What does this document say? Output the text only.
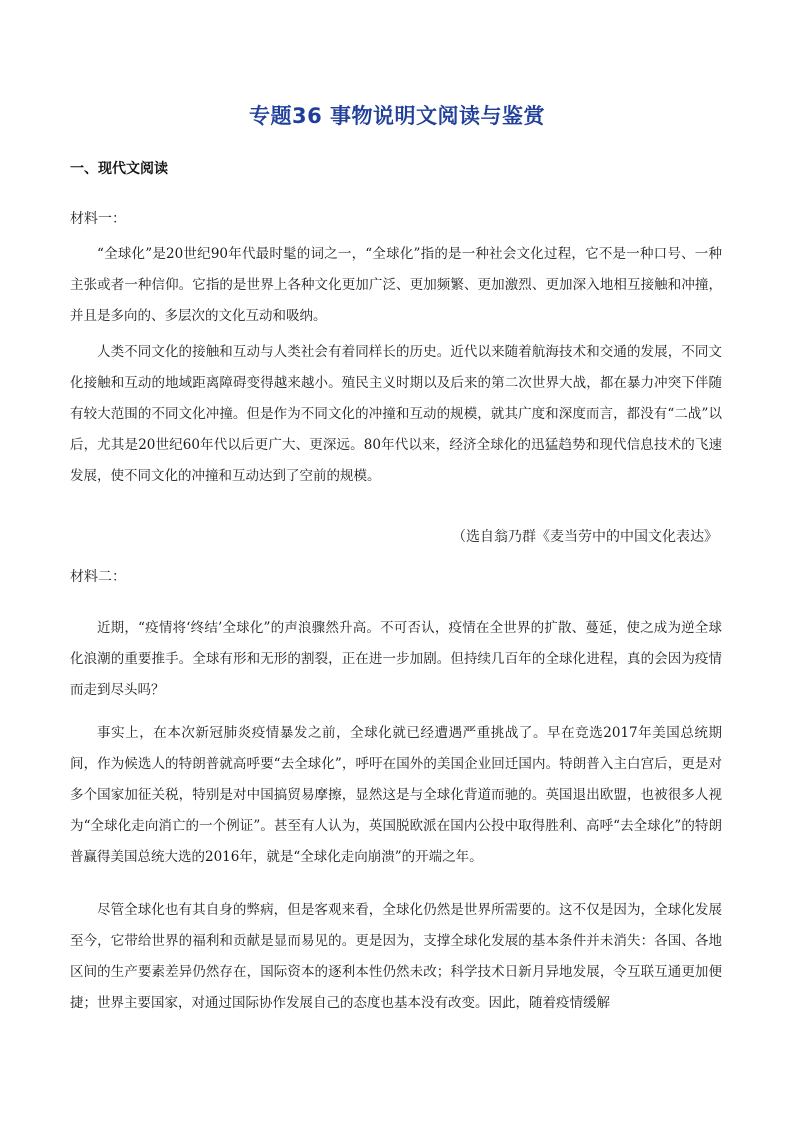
专题36 事物说明文阅读与鉴赏
一、现代文阅读
材料一：

“全球化”是20世纪90年代最时髦的词之一，“全球化”指的是一种社会文化过程，它不是一种口号、一种主张或者一种信仰。它指的是世界上各种文化更加广泛、更加频繁、更加激烈、更加深入地相互接触和冲撞，并且是多向的、多层次的文化互动和吸纳。

人类不同文化的接触和互动与人类社会有着同样长的历史。近代以来随着航海技术和交通的发展，不同文化接触和互动的地域距离障碍变得越来越小。殖民主义时期以及后来的第二次世界大战，都在暴力冲突下伴随有较大范围的不同文化冲撞。但是作为不同文化的冲撞和互动的规模，就其广度和深度而言，都没有“二战”以后，尤其是20世纪60年代以后更广大、更深远。80年代以来，经济全球化的迅猛趋势和现代信息技术的飞速发展，使不同文化的冲撞和互动达到了空前的规模。

（选自翁乃群《麦当劳中的中国文化表达》
材料二：

近期，“疫情将‘终结’全球化”的声浪骤然升高。不可否认，疫情在全世界的扩散、蔓延，使之成为逆全球化浪潮的重要推手。全球有形和无形的割裂，正在进一步加剧。但持续几百年的全球化进程，真的会因为疫情而走到尽头吗？

事实上，在本次新冠肺炎疫情暴发之前，全球化就已经遭遇严重挑战了。早在竞选2017年美国总统期间，作为候选人的特朗普就高呼要“去全球化”，呼吁在国外的美国企业回迁国内。特朗普入主白宫后，更是对多个国家加征关税，特别是对中国搞贸易摩擦，显然这是与全球化背道而驰的。英国退出欧盟，也被很多人视为“全球化走向消亡的一个例证”。甚至有人认为，英国脱欧派在国内公投中取得胜利、高呼“去全球化”的特朗普赢得美国总统大选的2016年，就是“全球化走向崩溃”的开端之年。

尽管全球化也有其自身的弊病，但是客观来看，全球化仍然是世界所需要的。这不仅是因为，全球化发展至今，它带给世界的福利和贡献是显而易见的。更是因为，支撑全球化发展的基本条件并未消失：各国、各地区间的生产要素差异仍然存在，国际资本的逐利本性仍然未改；科学技术日新月异地发展，令互联互通更加便捷；世界主要国家，对通过国际协作发展自己的态度也基本没有改变。因此，随着疫情缓解
